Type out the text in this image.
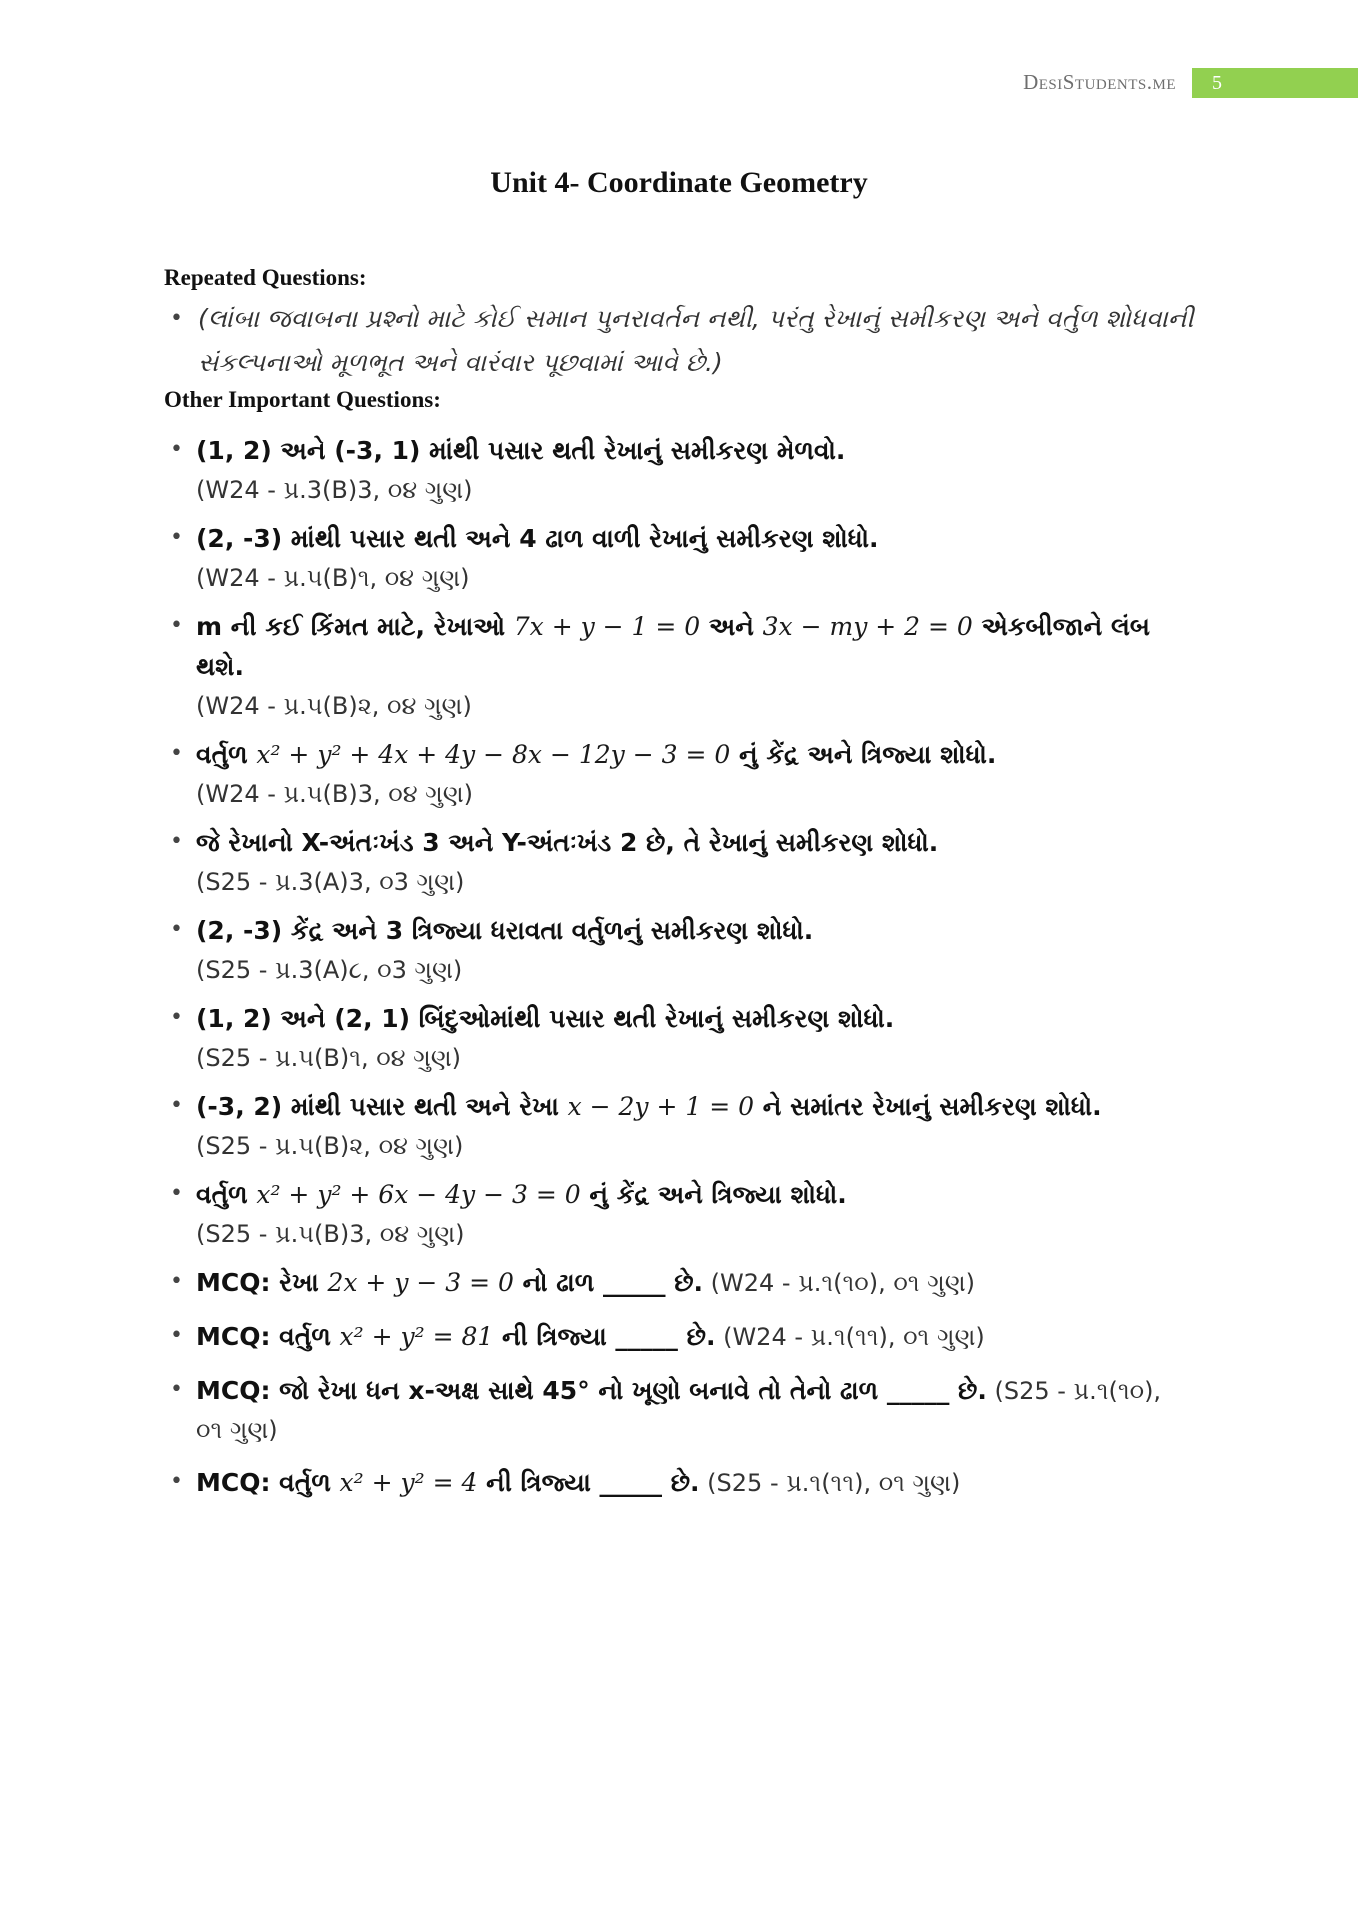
DesiStudents.me	5
Unit 4- Coordinate Geometry

Repeated Questions:

• (લાંબા જવાબના પ્રશ્નો માટે કોઈ સમાન પુનરાવર્તન નથી, પરંતુ રેખાનું સમીકરણ અને વર્તુળ શોધવાની સંકલ્પનાઓ મૂળભૂત અને વારંવાર પૂછવામાં આવે છે.)

Other Important Questions:

• (1, 2) અને (-3, 1) માંથી પસાર થતી રેખાનું સમીકરણ મેળવો.
(W24 - પ્ર.3(B)3, ૦૪ ગુણ)
• (2, -3) માંથી પસાર થતી અને 4 ઢાળ વાળી રેખાનું સમીકરણ શોધો.
(W24 - પ્ર.૫(B)૧, ૦૪ ગુણ)
• m ની કઈ કિંમત માટે, રેખાઓ 7x + y − 1 = 0 અને 3x − my + 2 = 0 એકબીજાને લંબ થશે.
(W24 - પ્ર.૫(B)૨, ૦૪ ગુણ)
• વર્તુળ x² + y² + 4x + 4y − 8x − 12y − 3 = 0 નું કેંદ્ર અને ત્રિજ્યા શોધો.
(W24 - પ્ર.૫(B)3, ૦૪ ગુણ)
• જે રેખાનો X-અંતઃખંડ 3 અને Y-અંતઃખંડ 2 છે, તે રેખાનું સમીકરણ શોધો.
(S25 - પ્ર.3(A)3, ૦3 ગુણ)
• (2, -3) કેંદ્ર અને 3 ત્રિજ્યા ધરાવતા વર્તુળનું સમીકરણ શોધો.
(S25 - પ્ર.3(A)૮, ૦3 ગુણ)
• (1, 2) અને (2, 1) બિંદુઓમાંથી પસાર થતી રેખાનું સમીકરણ શોધો.
(S25 - પ્ર.૫(B)૧, ૦૪ ગુણ)
• (-3, 2) માંથી પસાર થતી અને રેખા x − 2y + 1 = 0 ને સમાંતર રેખાનું સમીકરણ શોધો.
(S25 - પ્ર.૫(B)૨, ૦૪ ગુણ)
• વર્તુળ x² + y² + 6x − 4y − 3 = 0 નું કેંદ્ર અને ત્રિજ્યા શોધો.
(S25 - પ્ર.૫(B)3, ૦૪ ગુણ)
• MCQ: રેખા 2x + y − 3 = 0 નો ઢાળ _____ છે. (W24 - પ્ર.૧(૧૦), ૦૧ ગુણ)
• MCQ: વર્તુળ x² + y² = 81 ની ત્રિજ્યા _____ છે. (W24 - પ્ર.૧(૧૧), ૦૧ ગુણ)
• MCQ: જો રેખા ધન x-અક્ષ સાથે 45° નો ખૂણો બનાવે તો તેનો ઢાળ _____ છે. (S25 - પ્ર.૧(૧૦), ૦૧ ગુણ)
• MCQ: વર્તુળ x² + y² = 4 ની ત્રિજ્યા _____ છે. (S25 - પ્ર.૧(૧૧), ૦૧ ગુણ)
